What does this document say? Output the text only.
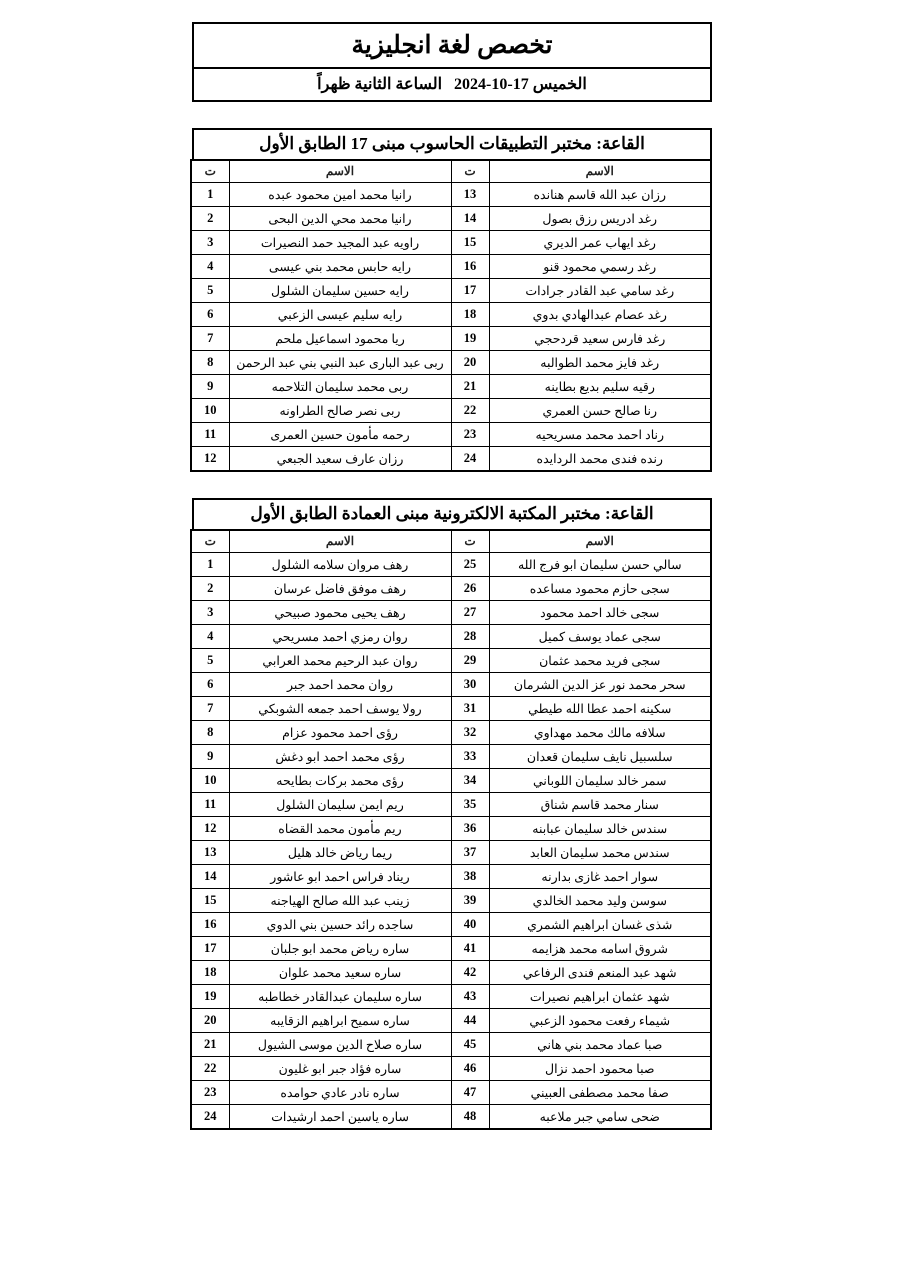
تخصص لغة انجليزية
الخميس 2024-10-17   الساعة الثانية ظهراً
القاعة: مختبر التطبيقات الحاسوب مبنى 17 الطابق الأول
الاسم	ت	الاسم	ت
رزان عبد الله قاسم هنانده	13	رانيا محمد امين محمود عبده	1
رغد ادريس رزق بصول	14	رانيا محمد محي الدين البحى	2
رغد ايهاب عمر الديري	15	راويه عبد المجيد حمد النصيرات	3
رغد رسمي محمود قنو	16	رايه حابس محمد بني عيسى	4
رغد سامي عبد القادر جرادات	17	رايه حسين سليمان الشلول	5
رغد عصام عبدالهادي بدوي	18	رايه سليم عيسى الزعبي	6
رغد فارس سعيد قردحجي	19	ريا محمود اسماعيل ملحم	7
رغد فايز محمد الطوالبه	20	ربى عبد البارى عبد النبي بني عبد الرحمن	8
رقيه سليم بديع بطاينه	21	ربى محمد سليمان التلاحمه	9
رنا صالح حسن العمري	22	ربى نصر صالح الطراونه	10
رناد احمد محمد مسريحيه	23	رحمه مأمون حسين العمرى	11
رنده فندى محمد الردايده	24	رزان عارف سعيد الجبعي	12
القاعة: مختبر المكتبة الالكترونية مبنى العمادة الطابق الأول
الاسم	ت	الاسم	ت
سالي حسن سليمان ابو فرج الله	25	رهف مروان سلامه الشلول	1
سجى حازم محمود مساعده	26	رهف موفق فاضل عرسان	2
سجى خالد احمد محمود	27	رهف يحيى محمود صبيحي	3
سجى عماد يوسف كميل	28	روان رمزي احمد مسريحي	4
سجى فريد محمد عثمان	29	روان عبد الرحيم محمد العرابي	5
سحر محمد نور عز الدين الشرمان	30	روان محمد احمد جبر	6
سكينه احمد عطا الله طيطي	31	رولا يوسف احمد جمعه الشوبكي	7
سلافه مالك محمد مهداوي	32	رؤى احمد محمود عزام	8
سلسبيل نايف سليمان قعدان	33	رؤى محمد احمد ابو دغش	9
سمر خالد سليمان اللوباني	34	رؤى محمد بركات بطايحه	10
سنار محمد قاسم شناق	35	ريم ايمن سليمان الشلول	11
سندس خالد سليمان عبابنه	36	ريم مأمون محمد القضاه	12
سندس محمد سليمان العابد	37	ريما رياض خالد هليل	13
سوار احمد غازى بدارنه	38	ريناد فراس احمد ابو عاشور	14
سوسن وليد محمد الخالدي	39	زينب عبد الله صالح الهياجنه	15
شذى غسان ابراهيم الشمري	40	ساجده رائد حسين بني الدوي	16
شروق اسامه محمد هزايمه	41	ساره رياض محمد ابو جلبان	17
شهد عبد المنعم فندى الرفاعي	42	ساره سعيد محمد علوان	18
شهد عثمان ابراهيم نصيرات	43	ساره سليمان عبدالقادر خطاطبه	19
شيماء رفعت محمود الزعبي	44	ساره سميح ابراهيم الزقايبه	20
صبا عماد محمد بني هاني	45	ساره صلاح الدين موسى الشيول	21
صبا محمود احمد نزال	46	ساره فؤاد جبر ابو غليون	22
صفا محمد مصطفى العبيني	47	ساره نادر عادي حوامده	23
ضحى سامي جبر ملاعبه	48	ساره ياسين احمد ارشيدات	24
